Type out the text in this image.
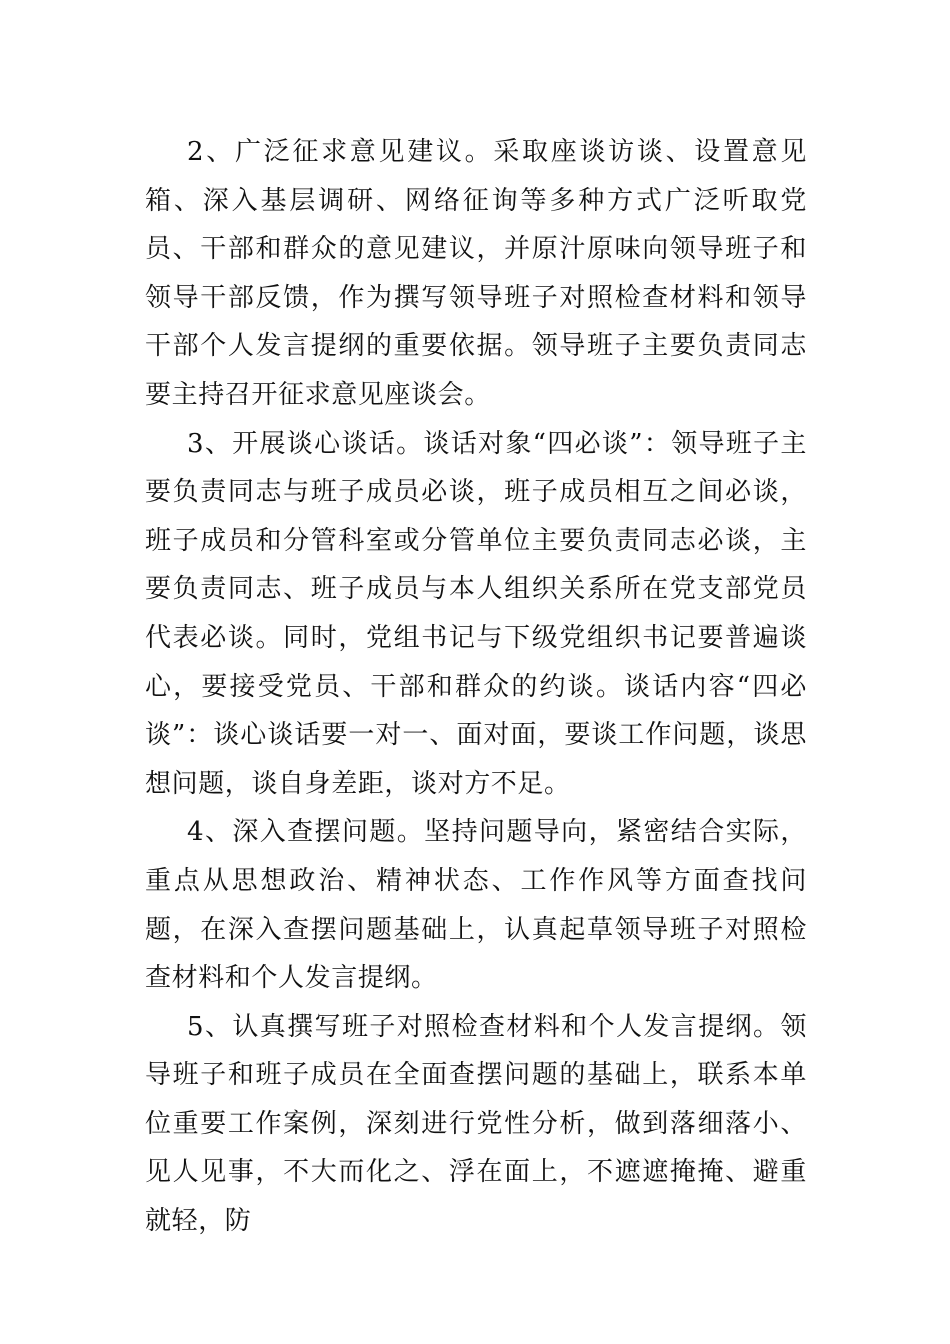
2、广泛征求意见建议。采取座谈访谈、设置意见箱、深入基层调研、网络征询等多种方式广泛听取党员、干部和群众的意见建议，并原汁原味向领导班子和领导干部反馈，作为撰写领导班子对照检查材料和领导干部个人发言提纲的重要依据。领导班子主要负责同志要主持召开征求意见座谈会。

3、开展谈心谈话。谈话对象“四必谈”：领导班子主要负责同志与班子成员必谈，班子成员相互之间必谈，班子成员和分管科室或分管单位主要负责同志必谈，主要负责同志、班子成员与本人组织关系所在党支部党员代表必谈。同时，党组书记与下级党组织书记要普遍谈心，要接受党员、干部和群众的约谈。谈话内容“四必谈”：谈心谈话要一对一、面对面，要谈工作问题，谈思想问题，谈自身差距，谈对方不足。

4、深入查摆问题。坚持问题导向，紧密结合实际，重点从思想政治、精神状态、工作作风等方面查找问题，在深入查摆问题基础上，认真起草领导班子对照检查材料和个人发言提纲。

5、认真撰写班子对照检查材料和个人发言提纲。领导班子和班子成员在全面查摆问题的基础上，联系本单位重要工作案例，深刻进行党性分析，做到落细落小、见人见事，不大而化之、浮在面上，不遮遮掩掩、避重就轻，防
